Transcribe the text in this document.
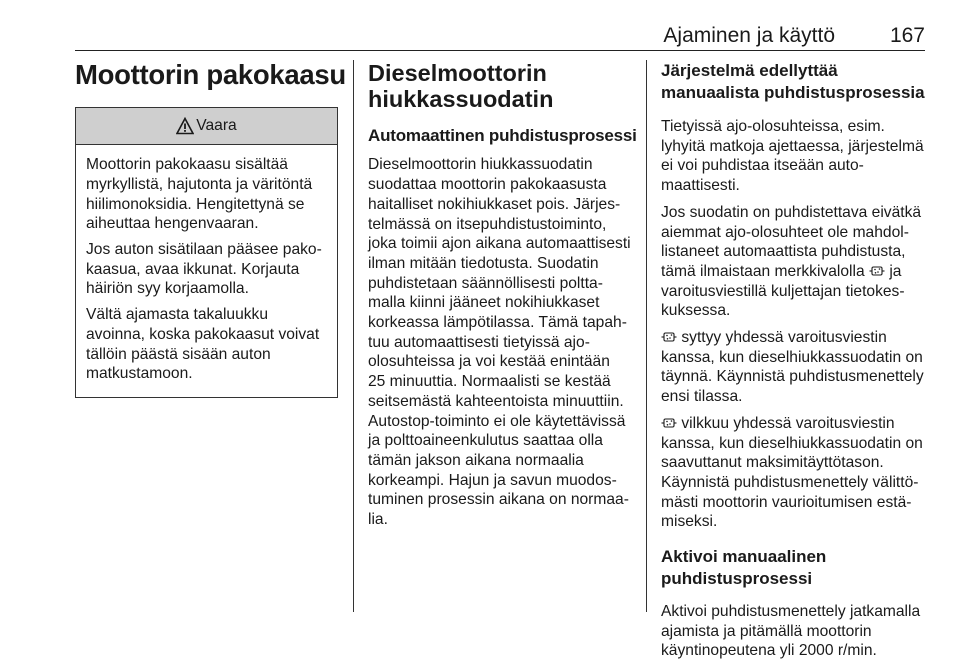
Ajaminen ja käyttö	167
Moottorin pakokaasu
Vaara

Moottorin pakokaasu sisältää myrkyllistä, hajutonta ja väritöntä hiilimonoksidia. Hengitettynä se aiheuttaa hengenvaaran.

Jos auton sisätilaan pääsee pakokaasua, avaa ikkunat. Korjauta häiriön syy korjaamolla.

Vältä ajamasta takaluukku avoinna, koska pakokaasut voivat tällöin päästä sisään auton matkustamoon.

Dieselmoottorin hiukkassuodatin
Automaattinen puhdistusprosessi

Dieselmoottorin hiukkassuodatin suodattaa moottorin pakokaasusta haitalliset nokihiukkaset pois. Järjestelmässä on itsepuhdistustoiminto, joka toimii ajon aikana automaattisesti ilman mitään tiedotusta. Suodatin puhdistetaan säännöllisesti polttamalla kiinni jääneet nokihiukkaset korkeassa lämpötilassa. Tämä tapahtuu automaattisesti tietyissä ajoolosuhteissa ja voi kestää enintään 25 minuuttia. Normaalisti se kestää seitsemästä kahteentoista minuuttiin. Autostop-toiminto ei ole käytettävissä ja polttoaineenkulutus saattaa olla tämän jakson aikana normaalia korkeampi. Hajun ja savun muodostuminen prosessin aikana on normaalia.

Järjestelmä edellyttää manuaalista puhdistusprosessia

Tietyissä ajo-olosuhteissa, esim. lyhyitä matkoja ajettaessa, järjestelmä ei voi puhdistaa itseään automaattisesti.

Jos suodatin on puhdistettava eivätkä aiemmat ajo-olosuhteet ole mahdollistaneet automaattista puhdistusta, tämä ilmaistaan merkkivalolla ja varoitusviestillä kuljettajan tietokeskuksessa.

syttyy yhdessä varoitusviestin kanssa, kun dieselhiukkassuodatin on täynnä. Käynnistä puhdistusmenettely ensi tilassa.

vilkkuu yhdessä varoitusviestin kanssa, kun dieselhiukkassuodatin on saavuttanut maksimitäyttötason. Käynnistä puhdistusmenettely välittömästi moottorin vaurioitumisen estämiseksi.

Aktivoi manuaalinen puhdistusprosessi

Aktivoi puhdistusmenettely jatkamalla ajamista ja pitämällä moottorin käyntinopeutena yli 2000 r/min.
